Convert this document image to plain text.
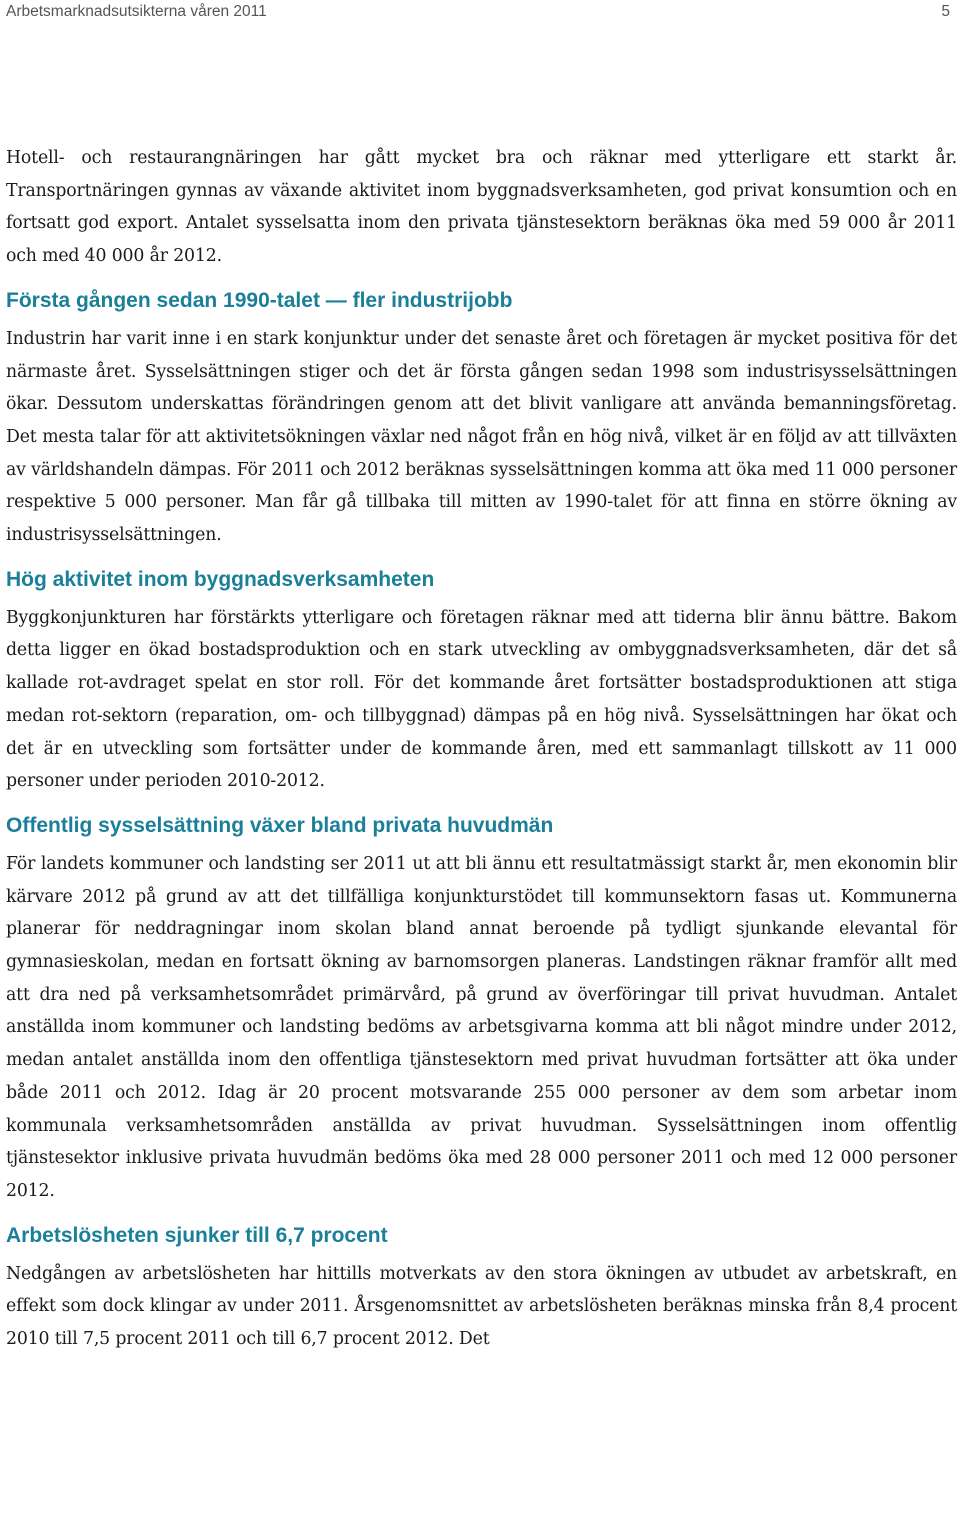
Arbetsmarknadsutsikterna våren 2011	5

Hotell- och restaurangnäringen har gått mycket bra och räknar med ytterligare ett starkt år. Transportnäringen gynnas av växande aktivitet inom byggnadsverksamheten, god privat konsumtion och en fortsatt god export. Antalet sysselsatta inom den privata tjänstesektorn beräknas öka med 59 000 år 2011 och med 40 000 år 2012.

Första gången sedan 1990-talet — fler industrijobb

Industrin har varit inne i en stark konjunktur under det senaste året och företagen är mycket positiva för det närmaste året. Sysselsättningen stiger och det är första gången sedan 1998 som industrisysselsättningen ökar. Dessutom underskattas förändringen genom att det blivit vanligare att använda bemanningsföretag. Det mesta talar för att aktivitetsökningen växlar ned något från en hög nivå, vilket är en följd av att tillväxten av världshandeln dämpas. För 2011 och 2012 beräknas sysselsättningen komma att öka med 11 000 personer respektive 5 000 personer. Man får gå tillbaka till mitten av 1990-talet för att finna en större ökning av industrisysselsättningen.

Hög aktivitet inom byggnadsverksamheten

Byggkonjunkturen har förstärkts ytterligare och företagen räknar med att tiderna blir ännu bättre. Bakom detta ligger en ökad bostadsproduktion och en stark utveckling av ombyggnadsverksamheten, där det så kallade rot-avdraget spelat en stor roll. För det kommande året fortsätter bostadsproduktionen att stiga medan rot-sektorn (reparation, om- och tillbyggnad) dämpas på en hög nivå. Sysselsättningen har ökat och det är en utveckling som fortsätter under de kommande åren, med ett sammanlagt tillskott av 11 000 personer under perioden 2010-2012.

Offentlig sysselsättning växer bland privata huvudmän

För landets kommuner och landsting ser 2011 ut att bli ännu ett resultatmässigt starkt år, men ekonomin blir kärvare 2012 på grund av att det tillfälliga konjunkturstödet till kommunsektorn fasas ut. Kommunerna planerar för neddragningar inom skolan bland annat beroende på tydligt sjunkande elevantal för gymnasieskolan, medan en fortsatt ökning av barnomsorgen planeras. Landstingen räknar framför allt med att dra ned på verksamhetsområdet primärvård, på grund av överföringar till privat huvudman. Antalet anställda inom kommuner och landsting bedöms av arbetsgivarna komma att bli något mindre under 2012, medan antalet anställda inom den offentliga tjänstesektorn med privat huvudman fortsätter att öka under både 2011 och 2012. Idag är 20 procent motsvarande 255 000 personer av dem som arbetar inom kommunala verksamhetsområden anställda av privat huvudman. Sysselsättningen inom offentlig tjänstesektor inklusive privata huvudmän bedöms öka med 28 000 personer 2011 och med 12 000 personer 2012.

Arbetslösheten sjunker till 6,7 procent

Nedgången av arbetslösheten har hittills motverkats av den stora ökningen av utbudet av arbetskraft, en effekt som dock klingar av under 2011. Årsgenomsnittet av arbetslösheten beräknas minska från 8,4 procent 2010 till 7,5 procent 2011 och till 6,7 procent 2012. Det
